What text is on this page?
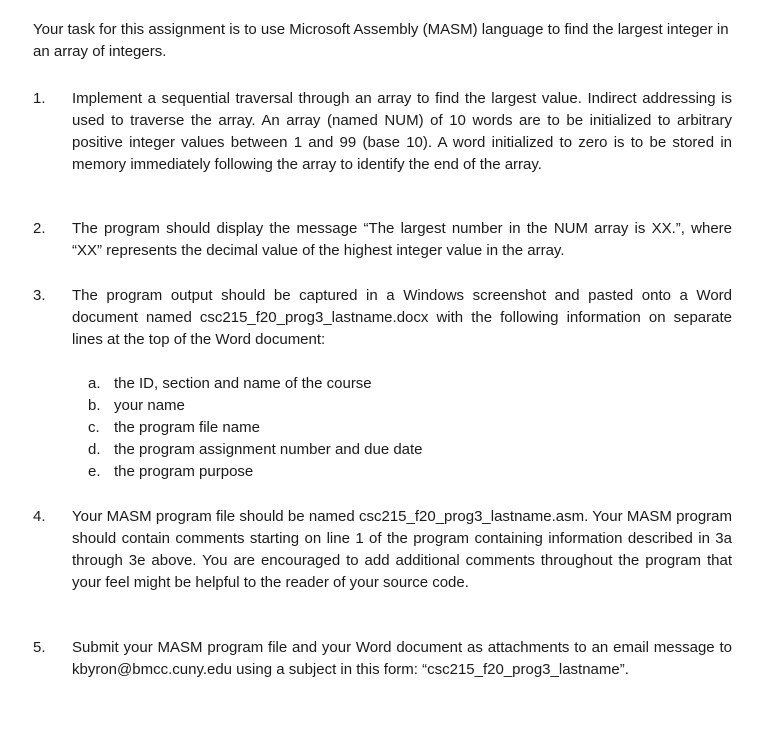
Your task for this assignment is to use Microsoft Assembly (MASM) language to find the largest integer in an array of integers.
1.	Implement a sequential traversal through an array to find the largest value. Indirect addressing is used to traverse the array. An array (named NUM) of 10 words are to be initialized to arbitrary positive integer values between 1 and 99 (base 10). A word initialized to zero is to be stored in memory immediately following the array to identify the end of the array.
2.	The program should display the message “The largest number in the NUM array is XX.”, where “XX” represents the decimal value of the highest integer value in the array.
3.	The program output should be captured in a Windows screenshot and pasted onto a Word document named csc215_f20_prog3_lastname.docx with the following information on separate lines at the top of the Word document:
a. the ID, section and name of the course
b. your name
c. the program file name
d. the program assignment number and due date
e. the program purpose
4.	Your MASM program file should be named csc215_f20_prog3_lastname.asm. Your MASM program should contain comments starting on line 1 of the program containing information described in 3a through 3e above. You are encouraged to add additional comments throughout the program that your feel might be helpful to the reader of your source code.
5.	Submit your MASM program file and your Word document as attachments to an email message to kbyron@bmcc.cuny.edu using a subject in this form: “csc215_f20_prog3_lastname”.
